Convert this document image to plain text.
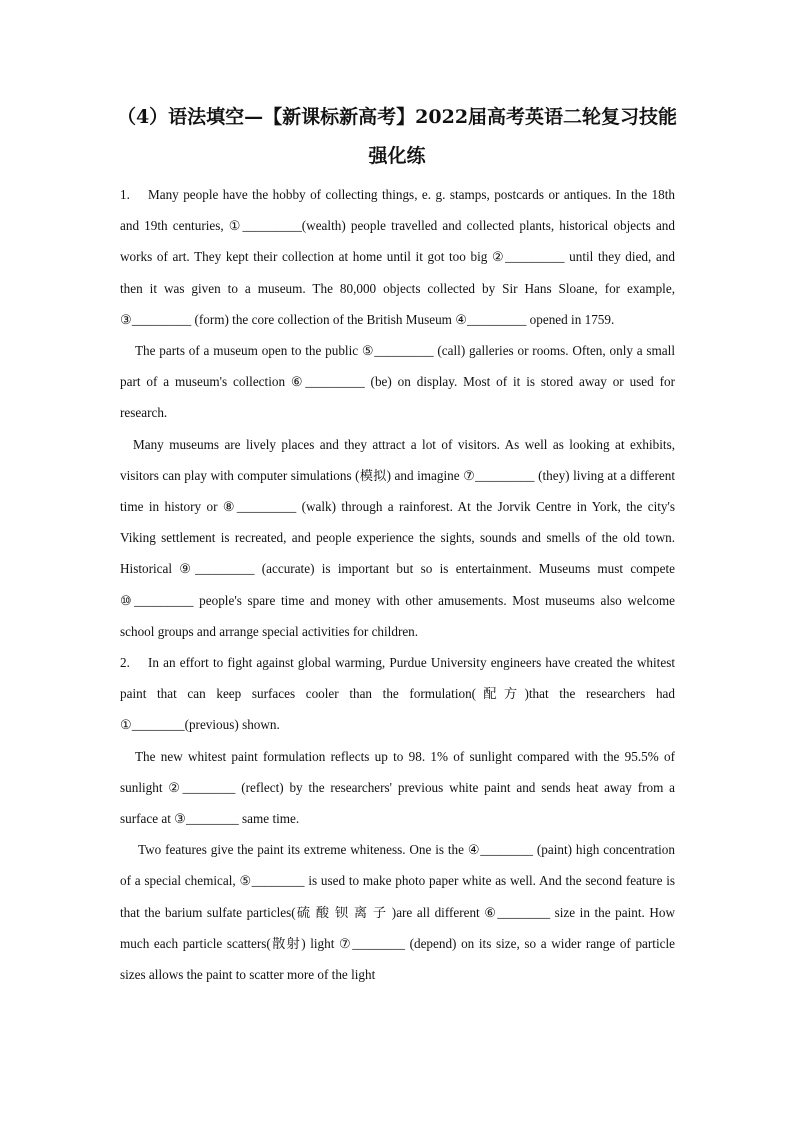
（4）语法填空—【新课标新高考】2022届高考英语二轮复习技能强化练

1. Many people have the hobby of collecting things, e. g. stamps, postcards or antiques. In the 18th and 19th centuries, ①_________(wealth) people travelled and collected plants, historical objects and works of art. They kept their collection at home until it got too big ②_________ until they died, and then it was given to a museum. The 80,000 objects collected by Sir Hans Sloane, for example, ③_________ (form) the core collection of the British Museum ④_________ opened in 1759.

The parts of a museum open to the public ⑤_________ (call) galleries or rooms. Often, only a small part of a museum's collection ⑥_________ (be) on display. Most of it is stored away or used for research.

Many museums are lively places and they attract a lot of visitors. As well as looking at exhibits, visitors can play with computer simulations (模拟) and imagine ⑦_________ (they) living at a different time in history or ⑧_________ (walk) through a rainforest. At the Jorvik Centre in York, the city's Viking settlement is recreated, and people experience the sights, sounds and smells of the old town. Historical ⑨_________ (accurate) is important but so is entertainment. Museums must compete ⑩_________ people's spare time and money with other amusements. Most museums also welcome school groups and arrange special activities for children.

2. In an effort to fight against global warming, Purdue University engineers have created the whitest paint that can keep surfaces cooler than the formulation(配方)that the researchers had ①________(previous) shown.

The new whitest paint formulation reflects up to 98. 1% of sunlight compared with the 95.5% of sunlight ②________ (reflect) by the researchers' previous white paint and sends heat away from a surface at ③________ same time.

Two features give the paint its extreme whiteness. One is the ④________ (paint) high concentration of a special chemical, ⑤________ is used to make photo paper white as well. And the second feature is that the barium sulfate particles(硫 酸 钡 离 子 )are all different ⑥________ size in the paint. How much each particle scatters(散射) light ⑦________ (depend) on its size, so a wider range of particle sizes allows the paint to scatter more of the light
